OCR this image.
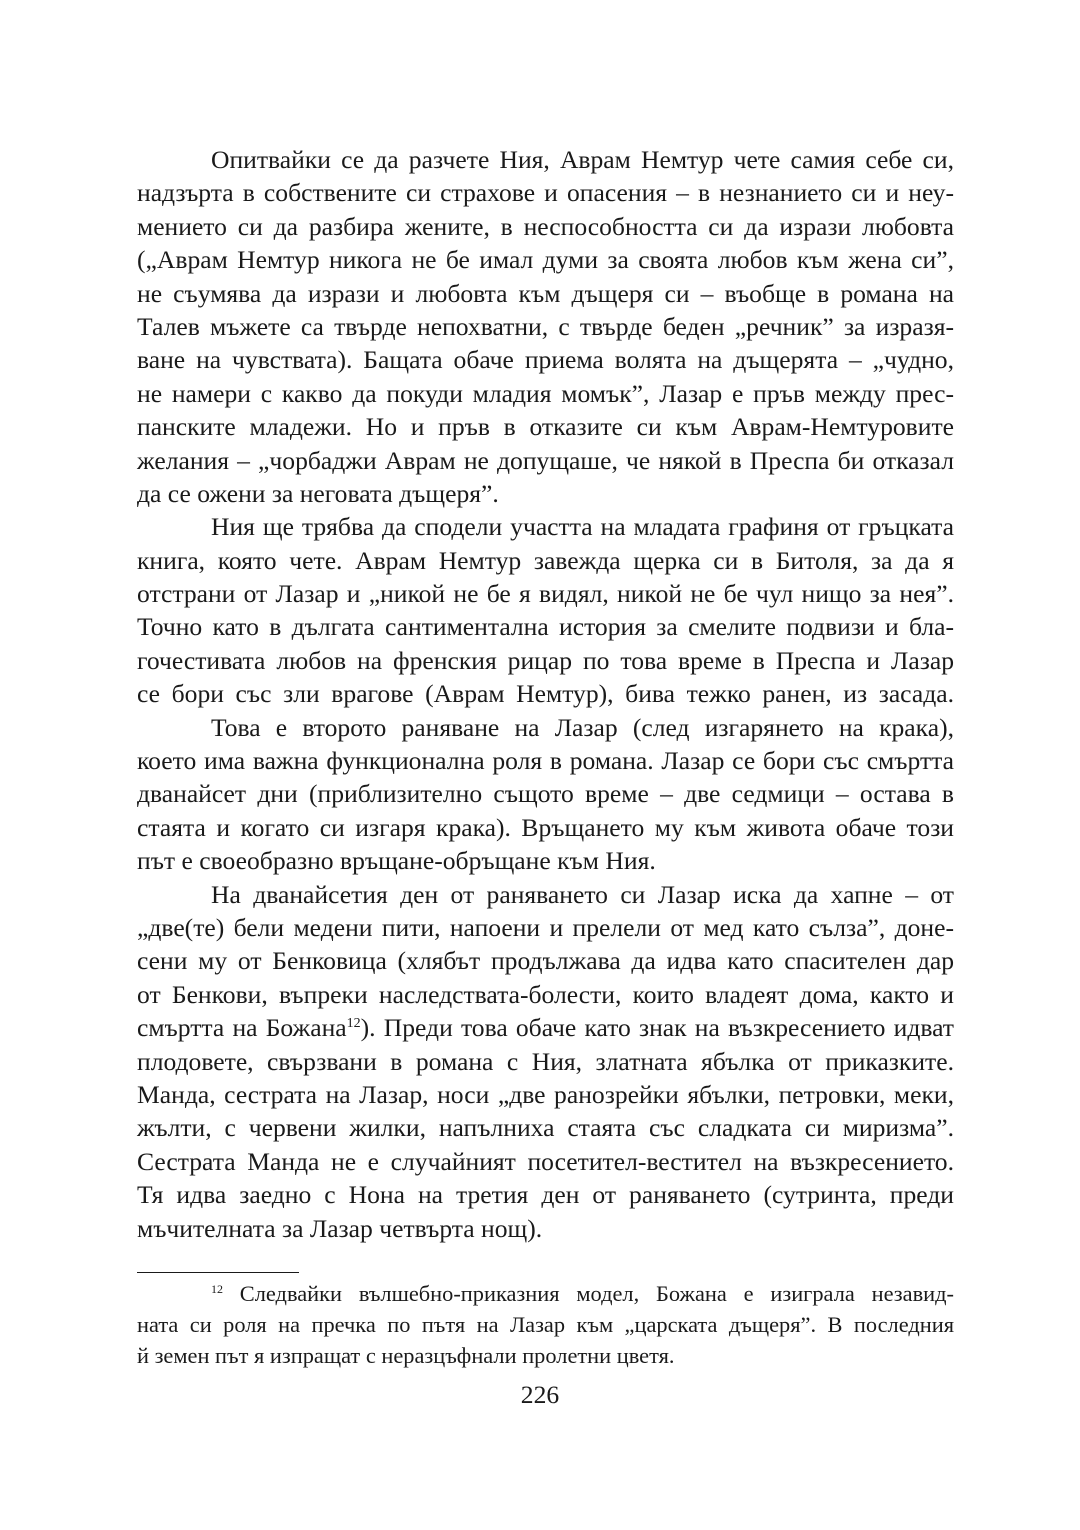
Опитвайки се да разчете Ния, Аврам Немтур чете самия себе си,
надзърта в собствените си страхове и опасения – в незнанието си и неу-
мението си да разбира жените, в неспособността си да изрази любовта
(„Аврам Немтур никога не бе имал думи за своята любов към жена си”,
не съумява да изрази и любовта към дъщеря си – въобще в романа на
Талев мъжете са твърде непохватни, с твърде беден „речник” за изразя-
ване на чувствата). Бащата обаче приема волята на дъщерята – „чудно,
не намери с какво да покуди младия момък”, Лазар е пръв между прес-
панските младежи. Но и пръв в отказите си към Аврам-Немтуровите
желания – „чорбаджи Аврам не допущаше, че някой в Преспа би отказал
да се ожени за неговата дъщеря”.
Ния ще трябва да сподели участта на младата графиня от гръцката
книга, която чете. Аврам Немтур завежда щерка си в Битоля, за да я
отстрани от Лазар и „никой не бе я видял, никой не бе чул нищо за нея”.
Точно като в дългата сантиментална история за смелите подвизи и бла-
гочестивата любов на френския рицар по това време в Преспа и Лазар
се бори със зли врагове (Аврам Немтур), бива тежко ранен, из засада.
Това е второто раняване на Лазар (след изгарянето на крака),
което има важна функционална роля в романа. Лазар се бори със смъртта
дванайсет дни (приблизително същото време – две седмици – остава в
стаята и когато си изгаря крака). Връщането му към живота обаче този
път е своеобразно връщане-обръщане към Ния.
На дванайсетия ден от раняването си Лазар иска да хапне – от
„две(те) бели медени пити, напоени и прелели от мед като сълза”, доне-
сени му от Бенковица (хлябът продължава да идва като спасителен дар
от Бенкови, въпреки наследствата-болести, които владеят дома, както и
смъртта на Божана$^{12}$). Преди това обаче като знак на възкресението идват
плодовете, свързвани в романа с Ния, златната ябълка от приказките.
Манда, сестрата на Лазар, носи „две ранозрейки ябълки, петровки, меки,
жълти, с червени жилки, напълниха стаята със сладката си миризма”.
Сестрата Манда не е случайният посетител-вестител на възкресението.
Тя идва заедно с Нона на третия ден от раняването (сутринта, преди
мъчителната за Лазар четвърта нощ).
$^{12}$ Следвайки вълшебно-приказния модел, Божана е изиграла незавид-
ната си роля на пречка по пътя на Лазар към „царската дъщеря”. В последния
й земен път я изпращат с неразцъфнали пролетни цветя.
226
